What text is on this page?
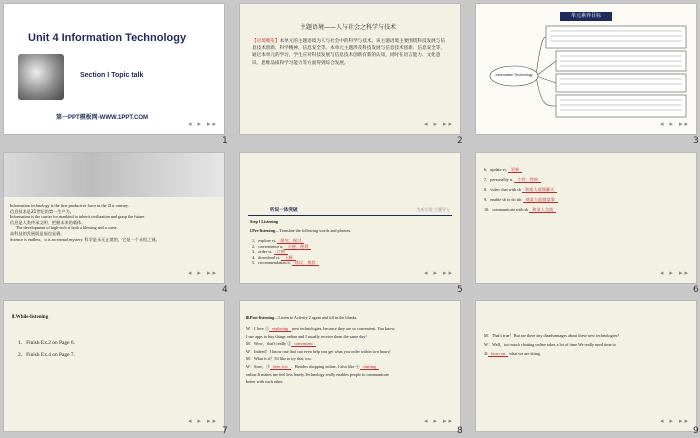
Unit 4 Information Technology
Section Ⅰ Topic talk
第一PPT模板网-WWW.1PPT.COM
◂ ▸ ▸▸
1
主题语境——人与社会之科学与技术
【语境概览】本单元的主题语境为人与社会中的科学与技术。该主题语境主要围绕科技发展与信息技术创新、科学精神、信息安全等。本单元主题涉及科技发展与信息技术创新、信息安全等，通过本单元的学习，学生应对科技发展与信息技术创新有新的认知，同时在语言能力、文化意识、思维品质和学习能力等方面得到综合发展。
◂ ▸ ▸▸
2
单元素养目标
Information Technology
◂ ▸ ▸▸
3
Information technology is the first productive force in the 21st century.
信息技术是21世纪的第一生产力。
Information is the carrier for mankind to inherit civilization and grasp the future.
信息是人类传承文明、把握未来的载体。
The development of high-tech is both a blessing and a curse.
高科技的发展既是福也是祸。
Science is endless，it is an eternal mystery. 科学是永无止境的，它是一个永恒之谜。
◂ ▸ ▸▸
4
听说一体突破	先听后说 主题导入
Step Ⅰ Listening
Ⅰ.Pre-listening—Translate the following words and phrases.
1．explore vt. 探究；探讨
2．convenience n. 方便；便利
3．order vt. 订购
4．download vt. 下载
5．recommendation n. 建议；推荐
◂ ▸ ▸▸
5
6．update vt. 更新
7．personality n. 个性；性格
8．video chat with sb 和某人视频聊天
9．enable sb to do sth 使某人能做某事
10．communicate with sb 和某人交流
◂ ▸ ▸▸
6
Ⅱ.While-listening
1．Finish Ex.2 on Page 6.
2．Finish Ex.4 on Page 7.
◂ ▸ ▸▸
7
Ⅲ.Post-listening—Listen to Activity 2 again and fill in the blanks.
W：I love ① exploring new technologies, because they are so convenient. You know,
I use apps to buy things online and I usually receive them the same day!
M：Wow，that's really ② convenient .
W：Indeed！I know one that can even help you get what you order within two hours!
M：What is it？I'd like to try that, too.
W：Sure。③ here it is ．Besides shopping online, I also like ④ chatting
online.It makes me feel less lonely.Technology really enables people to communicate
better with each other.
◂ ▸ ▸▸
8
M：That's true！But are there any disadvantages about these new technologies?
W：Well，too much chatting online takes a lot of time.We really need time to
⑤ focus on what we are doing.
◂ ▸ ▸▸
9
